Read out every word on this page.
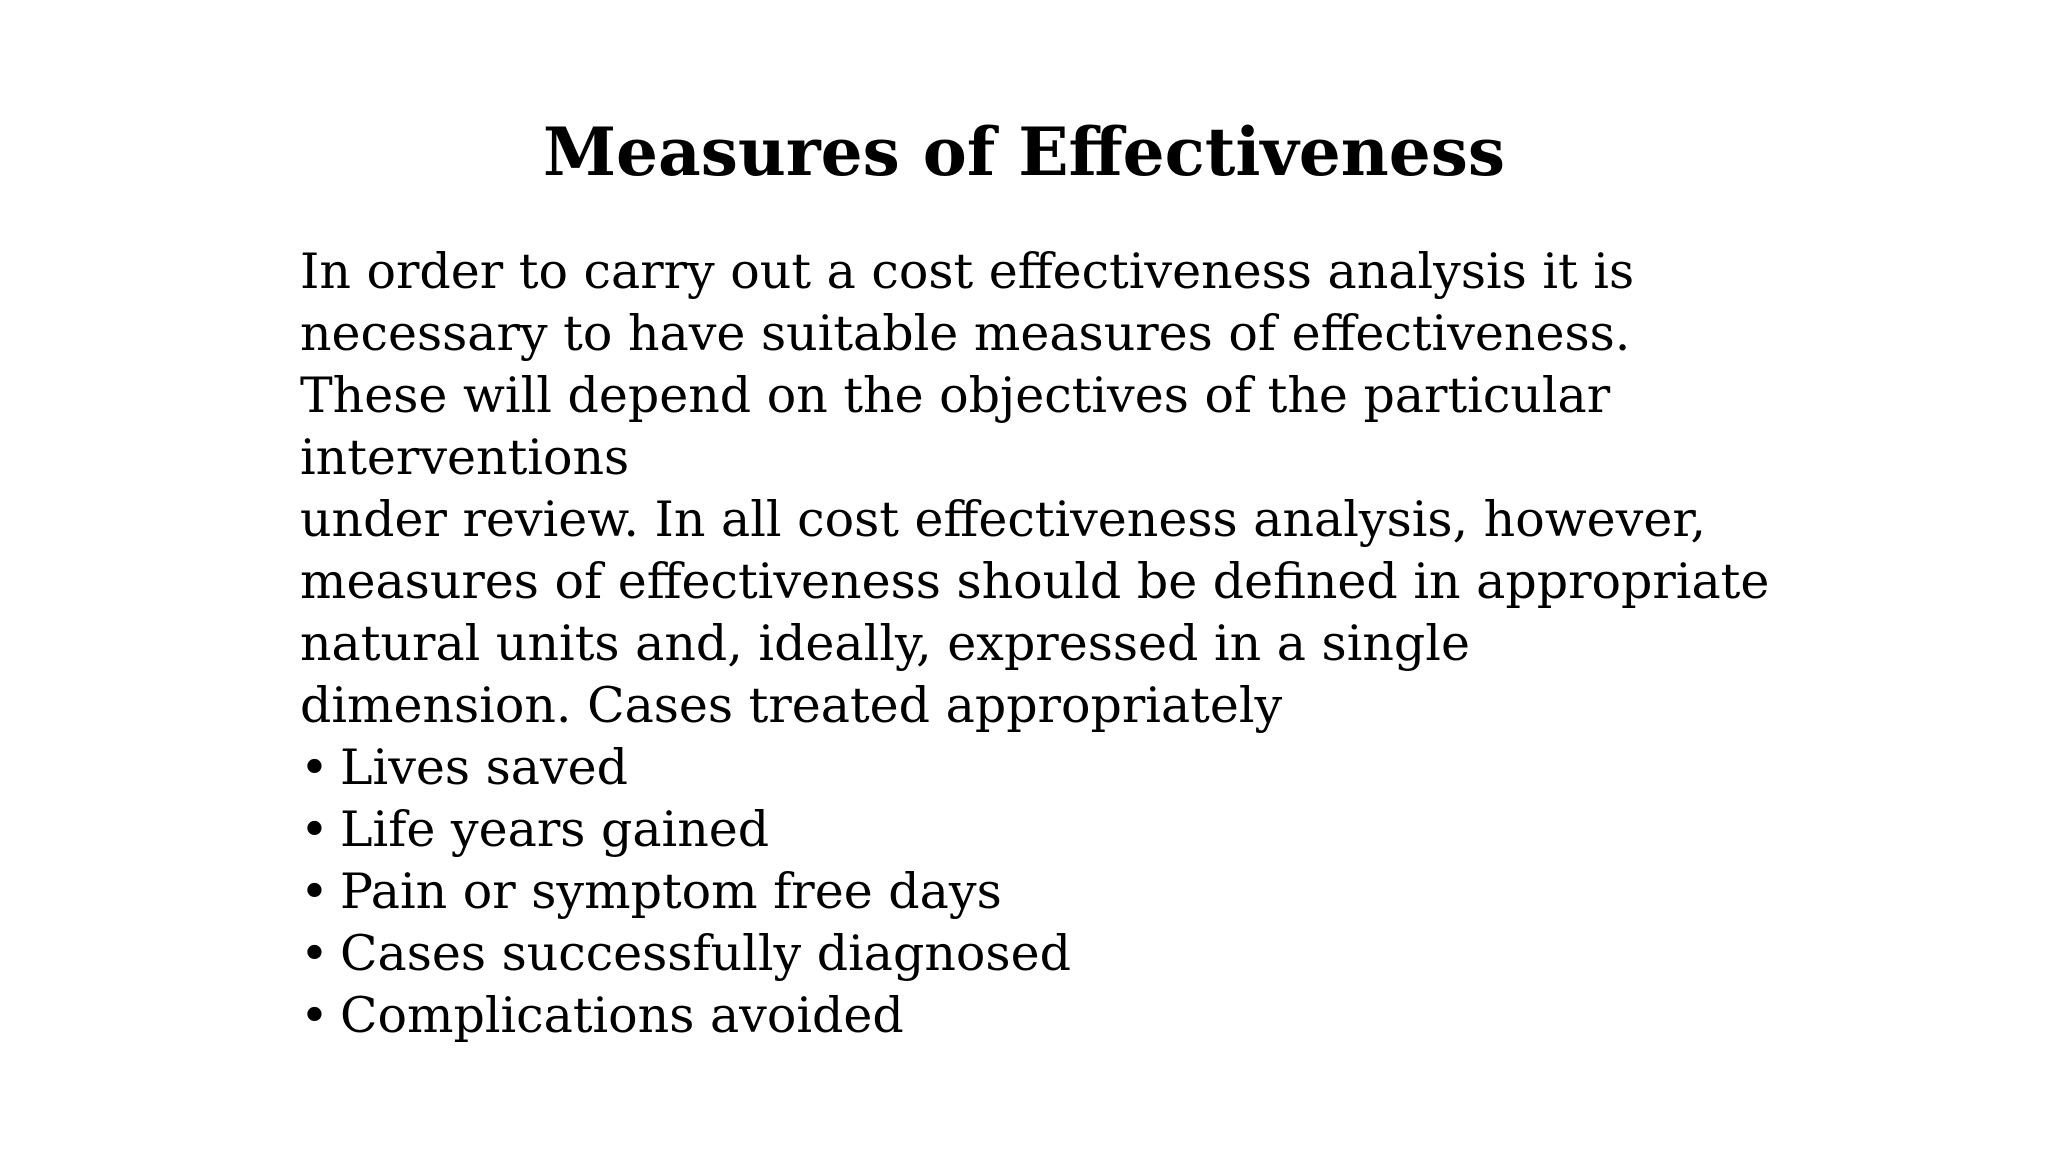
Measures of Effectiveness
In order to carry out a cost effectiveness analysis it is
necessary to have suitable measures of effectiveness.
These will depend on the objectives of the particular
interventions
under review. In all cost effectiveness analysis, however,
measures of effectiveness should be defined in appropriate
natural units and, ideally, expressed in a single
dimension. Cases treated appropriately
• Lives saved
• Life years gained
• Pain or symptom free days
• Cases successfully diagnosed
• Complications avoided
